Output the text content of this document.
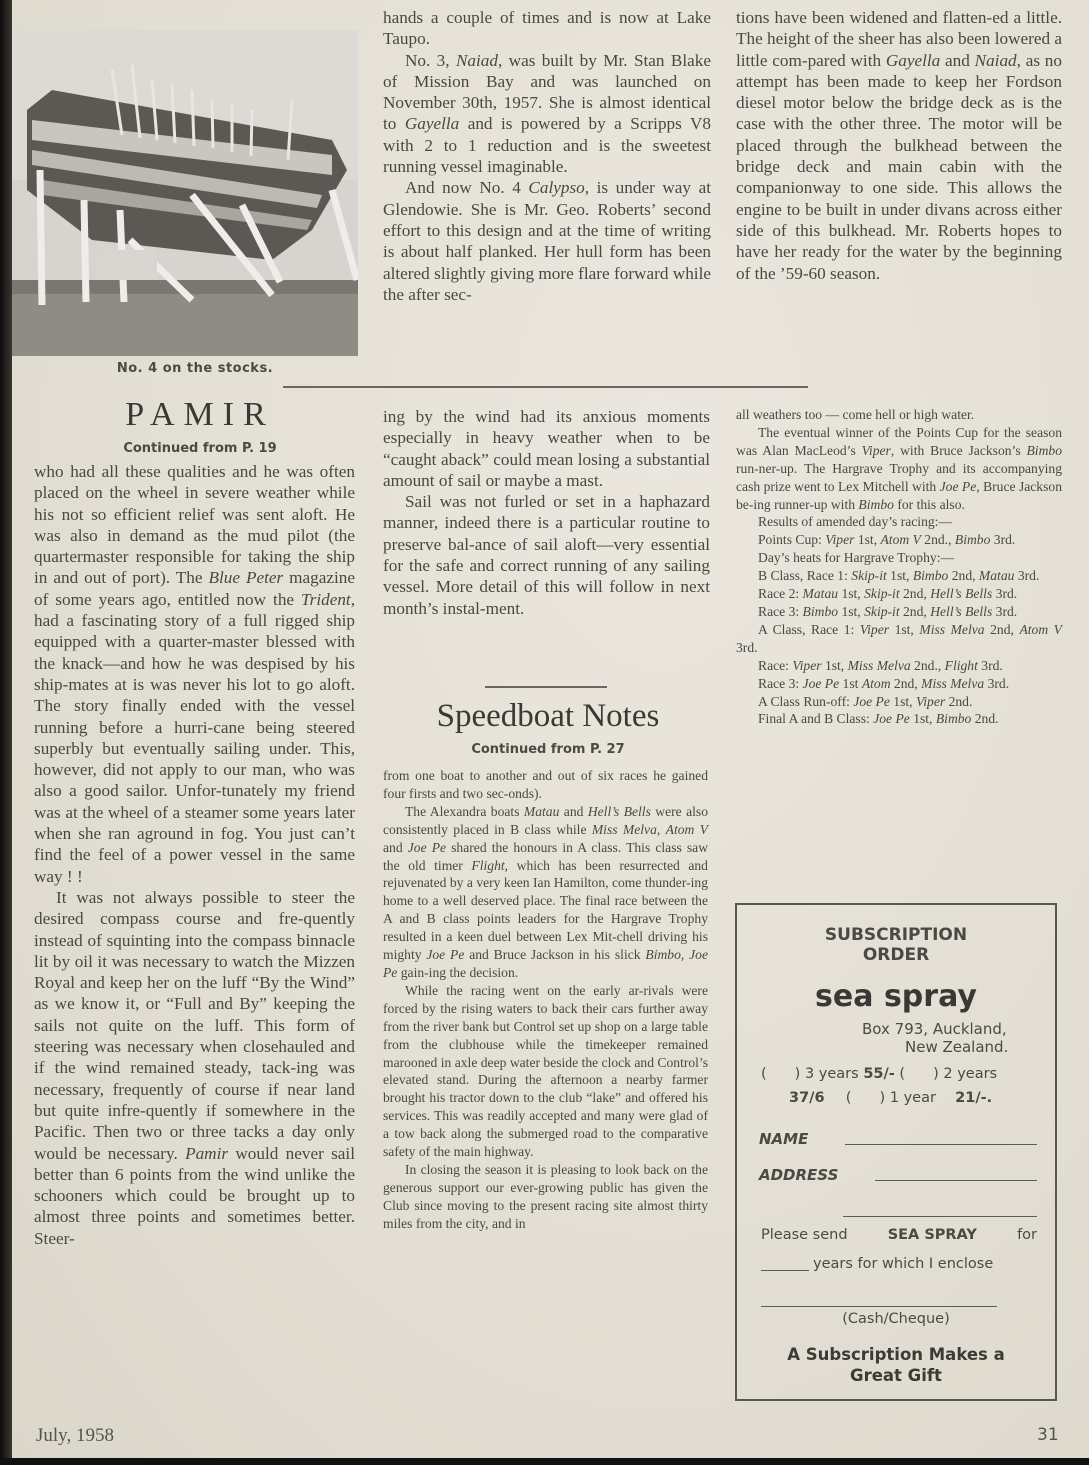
No. 4 on the stocks.

hands a couple of times and is now at Lake Taupo.

No. 3, Naiad, was built by Mr. Stan Blake of Mission Bay and was launched on November 30th, 1957. She is almost identical to Gayella and is powered by a Scripps V8 with 2 to 1 reduction and is the sweetest running vessel imaginable.

And now No. 4 Calypso, is under way at Glendowie. She is Mr. Geo. Roberts’ second effort to this design and at the time of writing is about half planked. Her hull form has been altered slightly giving more flare forward while the after sec-

tions have been widened and flatten-ed a little. The height of the sheer has also been lowered a little com-pared with Gayella and Naiad, as no attempt has been made to keep her Fordson diesel motor below the bridge deck as is the case with the other three. The motor will be placed through the bulkhead between the bridge deck and main cabin with the companionway to one side. This allows the engine to be built in under divans across either side of this bulkhead. Mr. Roberts hopes to have her ready for the water by the beginning of the ’59-60 season.

PAMIR
Continued from P. 19

who had all these qualities and he was often placed on the wheel in severe weather while his not so efficient relief was sent aloft. He was also in demand as the mud pilot (the quartermaster responsible for taking the ship in and out of port). The Blue Peter magazine of some years ago, entitled now the Trident, had a fascinating story of a full rigged ship equipped with a quarter-master blessed with the knack—and how he was despised by his ship-mates at is was never his lot to go aloft. The story finally ended with the vessel running before a hurri-cane being steered superbly but eventually sailing under. This, however, did not apply to our man, who was also a good sailor. Unfor-tunately my friend was at the wheel of a steamer some years later when she ran aground in fog. You just can’t find the feel of a power vessel in the same way ! !

It was not always possible to steer the desired compass course and fre-quently instead of squinting into the compass binnacle lit by oil it was necessary to watch the Mizzen Royal and keep her on the luff “By the Wind” as we know it, or “Full and By” keeping the sails not quite on the luff. This form of steering was necessary when closehauled and if the wind remained steady, tack-ing was necessary, frequently of course if near land but quite infre-quently if somewhere in the Pacific. Then two or three tacks a day only would be necessary. Pamir would never sail better than 6 points from the wind unlike the schooners which could be brought up to almost three points and sometimes better. Steer-

ing by the wind had its anxious moments especially in heavy weather when to be “caught aback” could mean losing a substantial amount of sail or maybe a mast.

Sail was not furled or set in a haphazard manner, indeed there is a particular routine to preserve bal-ance of sail aloft—very essential for the safe and correct running of any sailing vessel. More detail of this will follow in next month’s instal-ment.

Speedboat Notes
Continued from P. 27

from one boat to another and out of six races he gained four firsts and two sec-onds).

The Alexandra boats Matau and Hell’s Bells were also consistently placed in B class while Miss Melva, Atom V and Joe Pe shared the honours in A class. This class saw the old timer Flight, which has been resurrected and rejuvenated by a very keen Ian Hamilton, come thunder-ing home to a well deserved place. The final race between the A and B class points leaders for the Hargrave Trophy resulted in a keen duel between Lex Mit-chell driving his mighty Joe Pe and Bruce Jackson in his slick Bimbo, Joe Pe gain-ing the decision.

While the racing went on the early ar-rivals were forced by the rising waters to back their cars further away from the river bank but Control set up shop on a large table from the clubhouse while the timekeeper remained marooned in axle deep water beside the clock and Control’s elevated stand. During the afternoon a nearby farmer brought his tractor down to the club “lake” and offered his services. This was readily accepted and many were glad of a tow back along the submerged road to the comparative safety of the main highway.

In closing the season it is pleasing to look back on the generous support our ever-growing public has given the Club since moving to the present racing site almost thirty miles from the city, and in

all weathers too — come hell or high water.

The eventual winner of the Points Cup for the season was Alan MacLeod’s Viper, with Bruce Jackson’s Bimbo run-ner-up. The Hargrave Trophy and its accompanying cash prize went to Lex Mitchell with Joe Pe, Bruce Jackson be-ing runner-up with Bimbo for this also.

Results of amended day’s racing:—

Points Cup: Viper 1st, Atom V 2nd., Bimbo 3rd.

Day’s heats for Hargrave Trophy:—

B Class, Race 1: Skip-it 1st, Bimbo 2nd, Matau 3rd.

Race 2: Matau 1st, Skip-it 2nd, Hell’s Bells 3rd.

Race 3: Bimbo 1st, Skip-it 2nd, Hell’s Bells 3rd.

A Class, Race 1: Viper 1st, Miss Melva 2nd, Atom V 3rd.

Race: Viper 1st, Miss Melva 2nd., Flight 3rd.

Race 3: Joe Pe 1st Atom 2nd, Miss Melva 3rd.

A Class Run-off: Joe Pe 1st, Viper 2nd.

Final A and B Class: Joe Pe 1st, Bimbo 2nd.

SUBSCRIPTION
ORDER
sea spray
Box 793, Auckland,
New Zealand.
( ) 3 years 55/- ( ) 2 years
37/6 ( ) 1 year 21/-.
NAME
ADDRESS
Please send	SEA SPRAY	for
years for which I enclose
(Cash/Cheque)
A Subscription Makes a
Great Gift
July, 1958	31
